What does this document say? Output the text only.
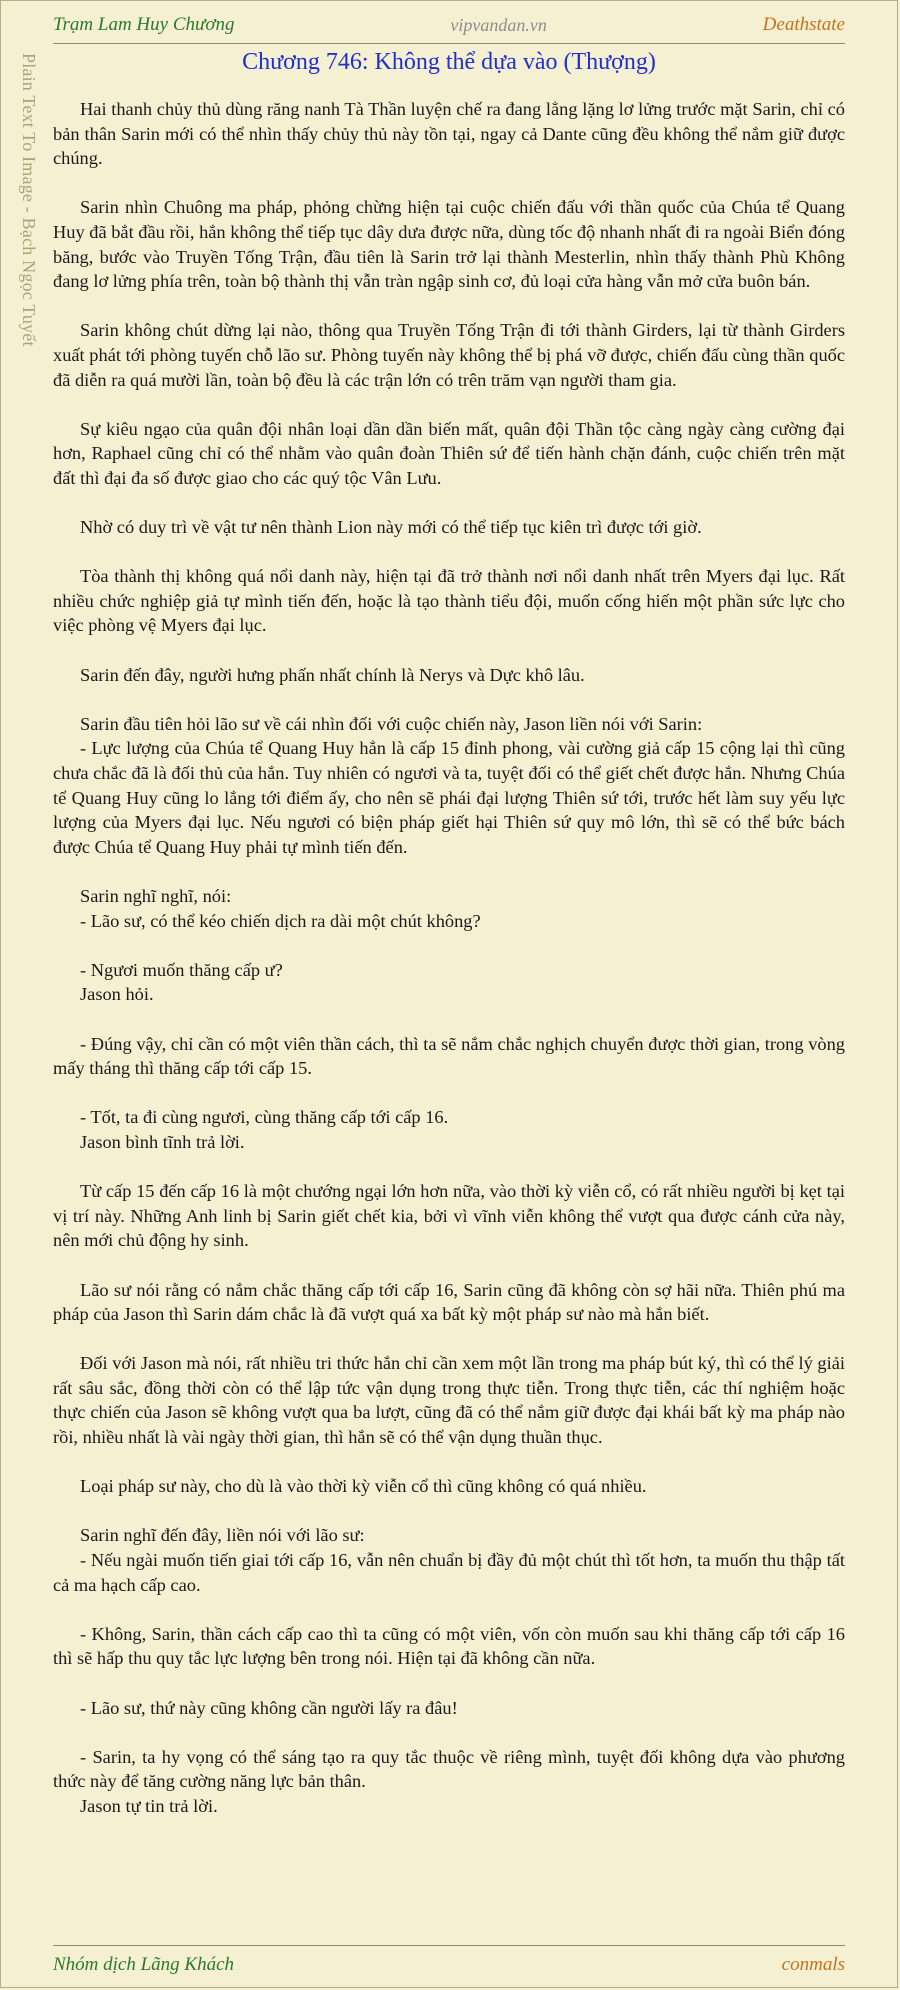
Trạm Lam Huy Chương	vipvandan.vn	Deathstate
Plain Text To Image - Bạch Ngọc Tuyết	Chương 746: Không thể dựa vào (Thượng)

Hai thanh chủy thủ dùng răng nanh Tà Thần luyện chế ra đang lẳng lặng lơ lửng trước mặt Sarin, chỉ có bản thân Sarin mới có thể nhìn thấy chủy thủ này tồn tại, ngay cả Dante cũng đều không thể nắm giữ được chúng.

Sarin nhìn Chuông ma pháp, phỏng chừng hiện tại cuộc chiến đấu với thần quốc của Chúa tể Quang Huy đã bắt đầu rồi, hắn không thể tiếp tục dây dưa được nữa, dùng tốc độ nhanh nhất đi ra ngoài Biển đóng băng, bước vào Truyền Tống Trận, đầu tiên là Sarin trở lại thành Mesterlin, nhìn thấy thành Phù Không đang lơ lửng phía trên, toàn bộ thành thị vẫn tràn ngập sinh cơ, đủ loại cửa hàng vẫn mở cửa buôn bán.

Sarin không chút dừng lại nào, thông qua Truyền Tống Trận đi tới thành Girders, lại từ thành Girders xuất phát tới phòng tuyến chỗ lão sư. Phòng tuyến này không thể bị phá vỡ được, chiến đấu cùng thần quốc đã diễn ra quá mười lần, toàn bộ đều là các trận lớn có trên trăm vạn người tham gia.

Sự kiêu ngạo của quân đội nhân loại dần dần biến mất, quân đội Thần tộc càng ngày càng cường đại hơn, Raphael cũng chỉ có thể nhằm vào quân đoàn Thiên sứ để tiến hành chặn đánh, cuộc chiến trên mặt đất thì đại đa số được giao cho các quý tộc Vân Lưu.

Nhờ có duy trì về vật tư nên thành Lion này mới có thể tiếp tục kiên trì được tới giờ.

Tòa thành thị không quá nổi danh này, hiện tại đã trở thành nơi nổi danh nhất trên Myers đại lục. Rất nhiều chức nghiệp giả tự mình tiến đến, hoặc là tạo thành tiểu đội, muốn cống hiến một phần sức lực cho việc phòng vệ Myers đại lục.

Sarin đến đây, người hưng phấn nhất chính là Nerys và Dực khô lâu.

Sarin đầu tiên hỏi lão sư về cái nhìn đối với cuộc chiến này, Jason liền nói với Sarin:

- Lực lượng của Chúa tể Quang Huy hẳn là cấp 15 đỉnh phong, vài cường giả cấp 15 cộng lại thì cũng chưa chắc đã là đối thủ của hắn. Tuy nhiên có ngươi và ta, tuyệt đối có thể giết chết được hắn. Nhưng Chúa tể Quang Huy cũng lo lắng tới điểm ấy, cho nên sẽ phái đại lượng Thiên sứ tới, trước hết làm suy yếu lực lượng của Myers đại lục. Nếu ngươi có biện pháp giết hại Thiên sứ quy mô lớn, thì sẽ có thể bức bách được Chúa tể Quang Huy phải tự mình tiến đến.

Sarin nghĩ nghĩ, nói:

- Lão sư, có thể kéo chiến dịch ra dài một chút không?

- Ngươi muốn thăng cấp ư?

Jason hỏi.

- Đúng vậy, chỉ cần có một viên thần cách, thì ta sẽ nắm chắc nghịch chuyển được thời gian, trong vòng mấy tháng thì thăng cấp tới cấp 15.

- Tốt, ta đi cùng ngươi, cùng thăng cấp tới cấp 16.

Jason bình tĩnh trả lời.

Từ cấp 15 đến cấp 16 là một chướng ngại lớn hơn nữa, vào thời kỳ viễn cổ, có rất nhiều người bị kẹt tại vị trí này. Những Anh linh bị Sarin giết chết kia, bởi vì vĩnh viễn không thể vượt qua được cánh cửa này, nên mới chủ động hy sinh.

Lão sư nói rằng có nắm chắc thăng cấp tới cấp 16, Sarin cũng đã không còn sợ hãi nữa. Thiên phú ma pháp của Jason thì Sarin dám chắc là đã vượt quá xa bất kỳ một pháp sư nào mà hắn biết.

Đối với Jason mà nói, rất nhiều tri thức hắn chỉ cần xem một lần trong ma pháp bút ký, thì có thể lý giải rất sâu sắc, đồng thời còn có thể lập tức vận dụng trong thực tiễn. Trong thực tiễn, các thí nghiệm hoặc thực chiến của Jason sẽ không vượt qua ba lượt, cũng đã có thể nắm giữ được đại khái bất kỳ ma pháp nào rồi, nhiều nhất là vài ngày thời gian, thì hắn sẽ có thể vận dụng thuần thục.

Loại pháp sư này, cho dù là vào thời kỳ viễn cổ thì cũng không có quá nhiều.

Sarin nghĩ đến đây, liền nói với lão sư:

- Nếu ngài muốn tiến giai tới cấp 16, vẫn nên chuẩn bị đầy đủ một chút thì tốt hơn, ta muốn thu thập tất cả ma hạch cấp cao.

- Không, Sarin, thần cách cấp cao thì ta cũng có một viên, vốn còn muốn sau khi thăng cấp tới cấp 16 thì sẽ hấp thu quy tắc lực lượng bên trong nói. Hiện tại đã không cần nữa.

- Lão sư, thứ này cũng không cần người lấy ra đâu!

- Sarin, ta hy vọng có thể sáng tạo ra quy tắc thuộc về riêng mình, tuyệt đối không dựa vào phương thức này để tăng cường năng lực bản thân.

Jason tự tin trả lời.

Nhóm dịch Lãng Khách	conmals
